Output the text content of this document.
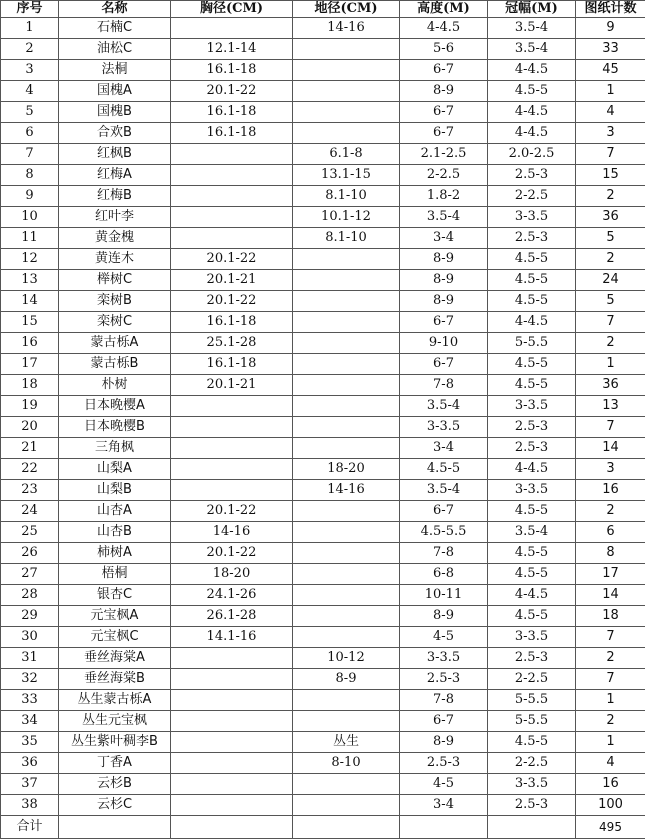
序号	名称	胸径(CM)	地径(CM)	高度(M)	冠幅(M)	图纸计数
1	石楠C		14-16	4-4.5	3.5-4	9
2	油松C	12.1-14		5-6	3.5-4	33
3	法桐	16.1-18		6-7	4-4.5	45
4	国槐A	20.1-22		8-9	4.5-5	1
5	国槐B	16.1-18		6-7	4-4.5	4
6	合欢B	16.1-18		6-7	4-4.5	3
7	红枫B		6.1-8	2.1-2.5	2.0-2.5	7
8	红梅A		13.1-15	2-2.5	2.5-3	15
9	红梅B		8.1-10	1.8-2	2-2.5	2
10	红叶李		10.1-12	3.5-4	3-3.5	36
11	黄金槐		8.1-10	3-4	2.5-3	5
12	黄连木	20.1-22		8-9	4.5-5	2
13	榉树C	20.1-21		8-9	4.5-5	24
14	栾树B	20.1-22		8-9	4.5-5	5
15	栾树C	16.1-18		6-7	4-4.5	7
16	蒙古栎A	25.1-28		9-10	5-5.5	2
17	蒙古栎B	16.1-18		6-7	4.5-5	1
18	朴树	20.1-21		7-8	4.5-5	36
19	日本晚樱A			3.5-4	3-3.5	13
20	日本晚樱B			3-3.5	2.5-3	7
21	三角枫			3-4	2.5-3	14
22	山梨A		18-20	4.5-5	4-4.5	3
23	山梨B		14-16	3.5-4	3-3.5	16
24	山杏A	20.1-22		6-7	4.5-5	2
25	山杏B	14-16		4.5-5.5	3.5-4	6
26	柿树A	20.1-22		7-8	4.5-5	8
27	梧桐	18-20		6-8	4.5-5	17
28	银杏C	24.1-26		10-11	4-4.5	14
29	元宝枫A	26.1-28		8-9	4.5-5	18
30	元宝枫C	14.1-16		4-5	3-3.5	7
31	垂丝海棠A		10-12	3-3.5	2.5-3	2
32	垂丝海棠B		8-9	2.5-3	2-2.5	7
33	丛生蒙古栎A			7-8	5-5.5	1
34	丛生元宝枫			6-7	5-5.5	2
35	丛生紫叶稠李B		丛生	8-9	4.5-5	1
36	丁香A		8-10	2.5-3	2-2.5	4
37	云杉B			4-5	3-3.5	16
38	云杉C			3-4	2.5-3	100
合计						495
